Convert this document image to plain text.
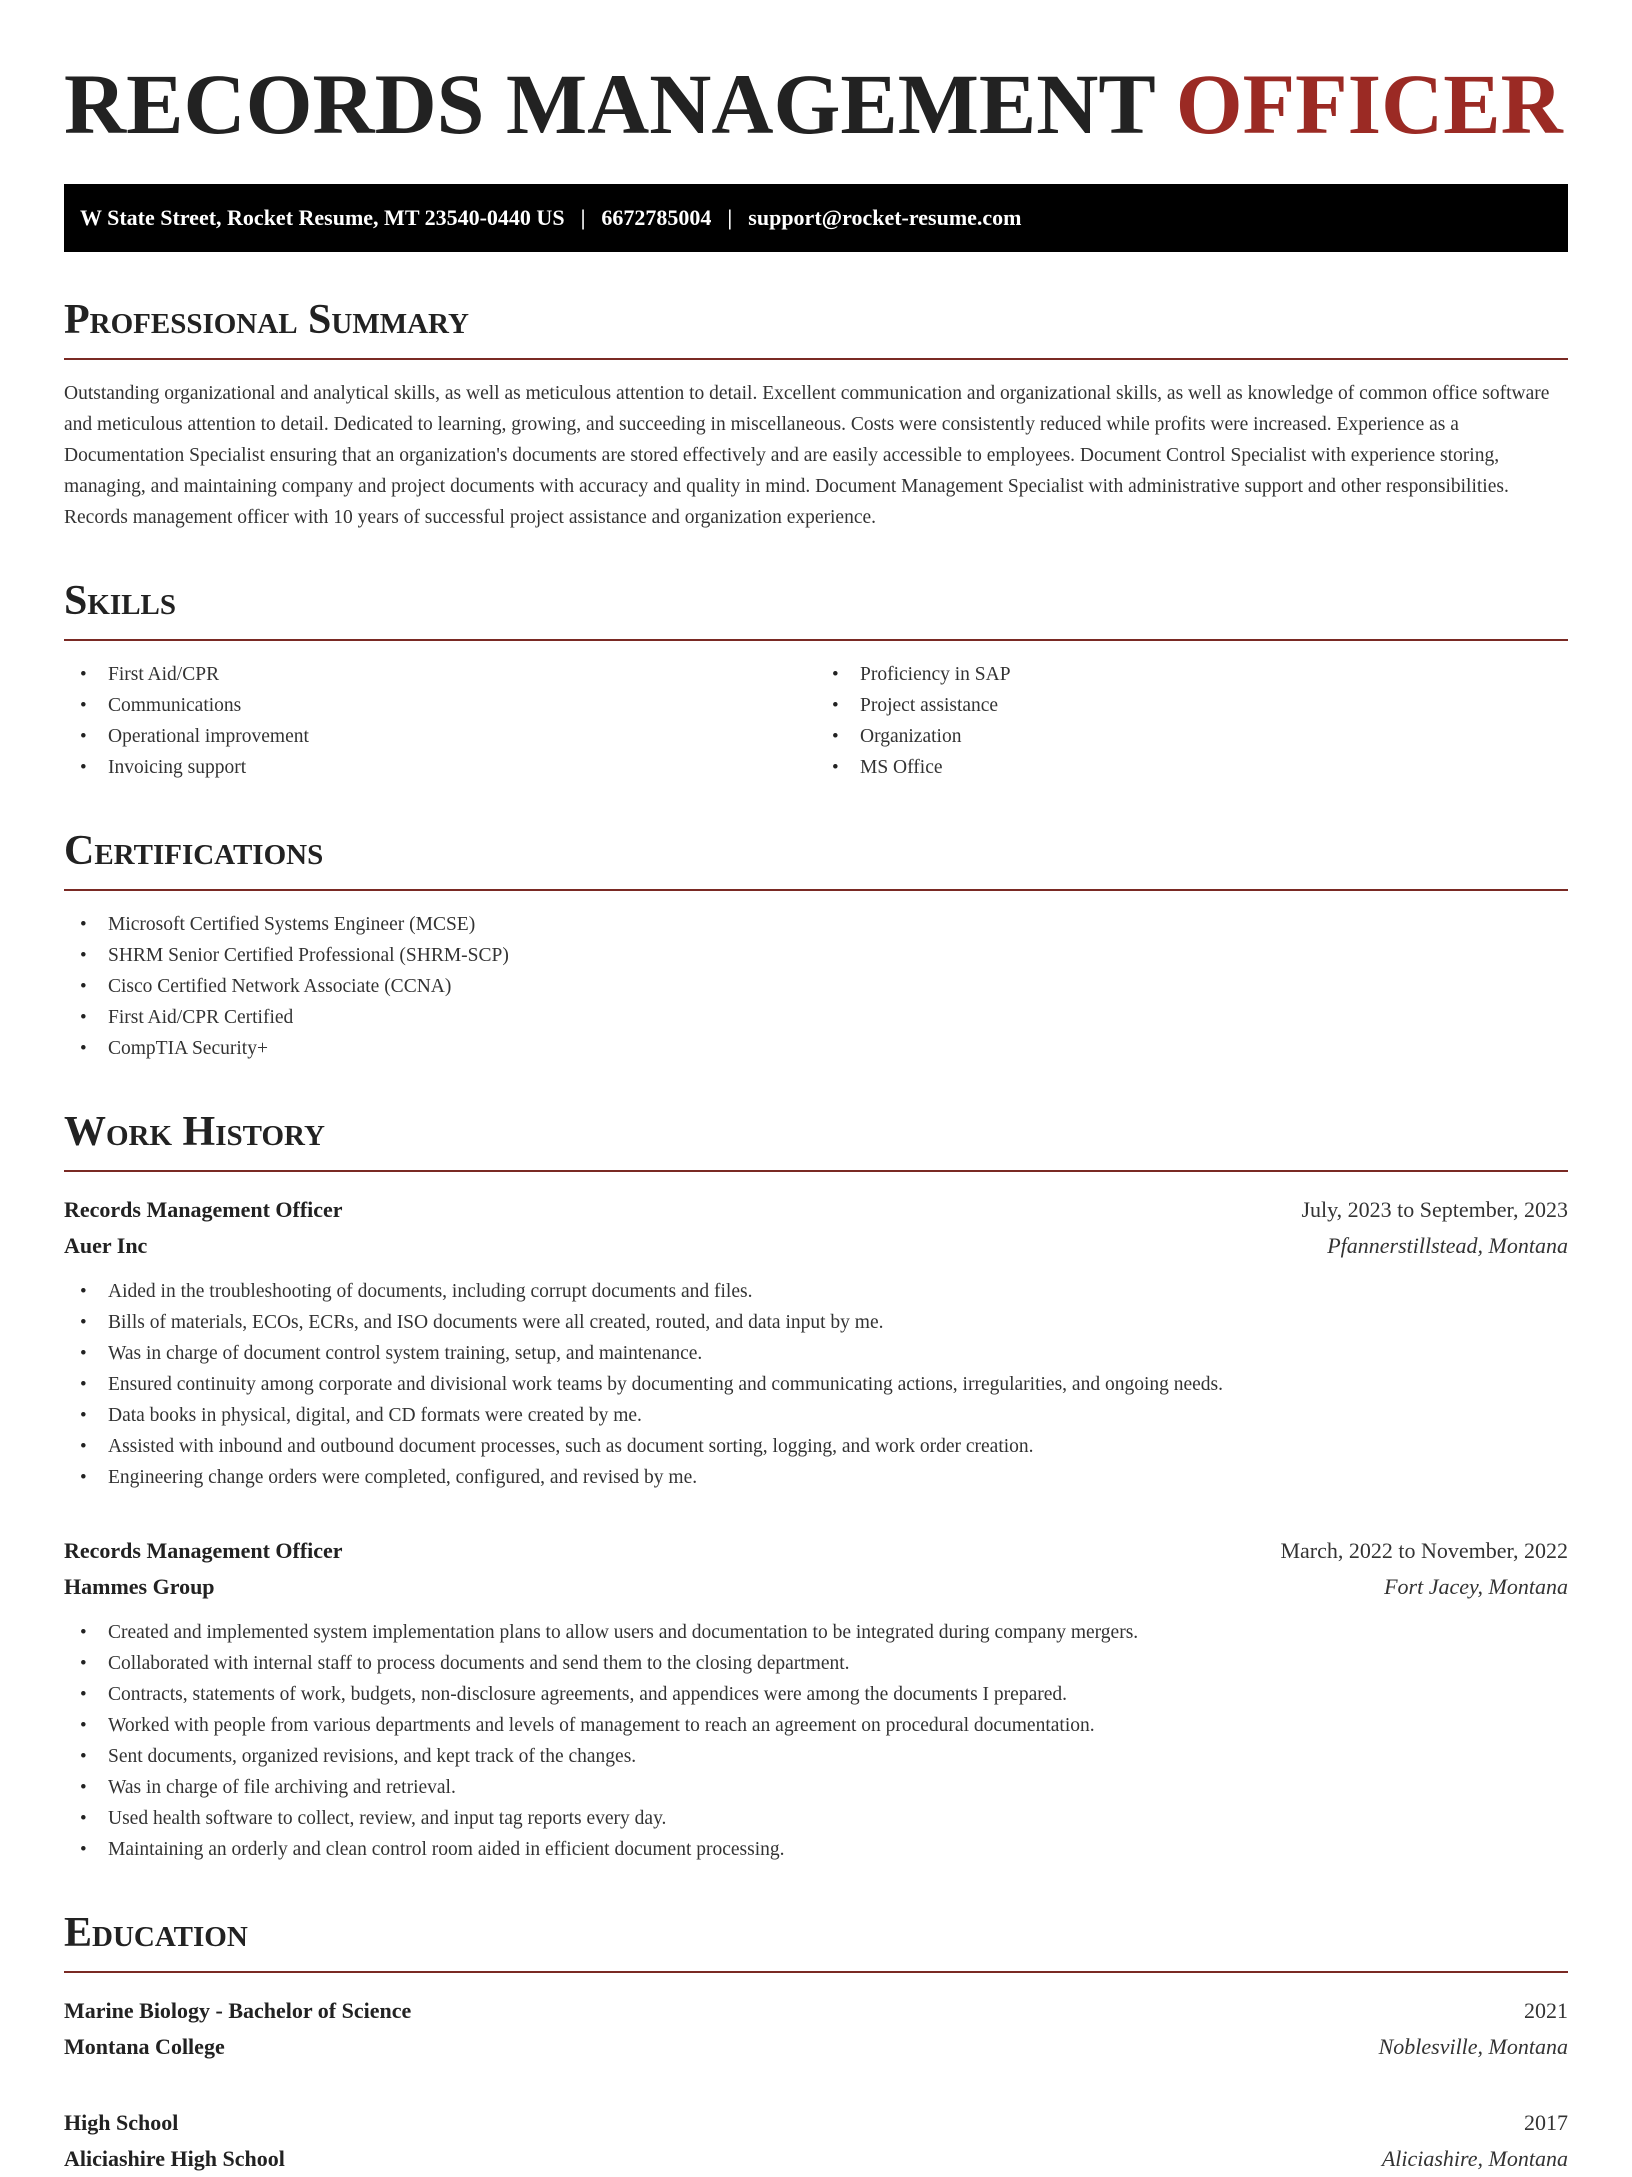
RECORDS MANAGEMENT OFFICER
W State Street, Rocket Resume, MT 23540-0440 US | 6672785004 | support@rocket-resume.com
Professional Summary

Outstanding organizational and analytical skills, as well as meticulous attention to detail. Excellent communication and organizational skills, as well as knowledge of common office software and meticulous attention to detail. Dedicated to learning, growing, and succeeding in miscellaneous. Costs were consistently reduced while profits were increased. Experience as a Documentation Specialist ensuring that an organization's documents are stored effectively and are easily accessible to employees. Document Control Specialist with experience storing, managing, and maintaining company and project documents with accuracy and quality in mind. Document Management Specialist with administrative support and other responsibilities. Records management officer with 10 years of successful project assistance and organization experience.

Skills
• First Aid/CPR
• Communications
• Operational improvement
• Invoicing support
• Proficiency in SAP
• Project assistance
• Organization
• MS Office
Certifications
• Microsoft Certified Systems Engineer (MCSE)
• SHRM Senior Certified Professional (SHRM-SCP)
• Cisco Certified Network Associate (CCNA)
• First Aid/CPR Certified
• CompTIA Security+
Work History
Records Management Officer	July, 2023 to September, 2023
Auer Inc	Pfannerstillstead, Montana
• Aided in the troubleshooting of documents, including corrupt documents and files.
• Bills of materials, ECOs, ECRs, and ISO documents were all created, routed, and data input by me.
• Was in charge of document control system training, setup, and maintenance.
• Ensured continuity among corporate and divisional work teams by documenting and communicating actions, irregularities, and ongoing needs.
• Data books in physical, digital, and CD formats were created by me.
• Assisted with inbound and outbound document processes, such as document sorting, logging, and work order creation.
• Engineering change orders were completed, configured, and revised by me.
Records Management Officer	March, 2022 to November, 2022
Hammes Group	Fort Jacey, Montana
• Created and implemented system implementation plans to allow users and documentation to be integrated during company mergers.
• Collaborated with internal staff to process documents and send them to the closing department.
• Contracts, statements of work, budgets, non-disclosure agreements, and appendices were among the documents I prepared.
• Worked with people from various departments and levels of management to reach an agreement on procedural documentation.
• Sent documents, organized revisions, and kept track of the changes.
• Was in charge of file archiving and retrieval.
• Used health software to collect, review, and input tag reports every day.
• Maintaining an orderly and clean control room aided in efficient document processing.
Education
Marine Biology - Bachelor of Science	2021
Montana College	Noblesville, Montana
High School	2017
Aliciashire High School	Aliciashire, Montana
